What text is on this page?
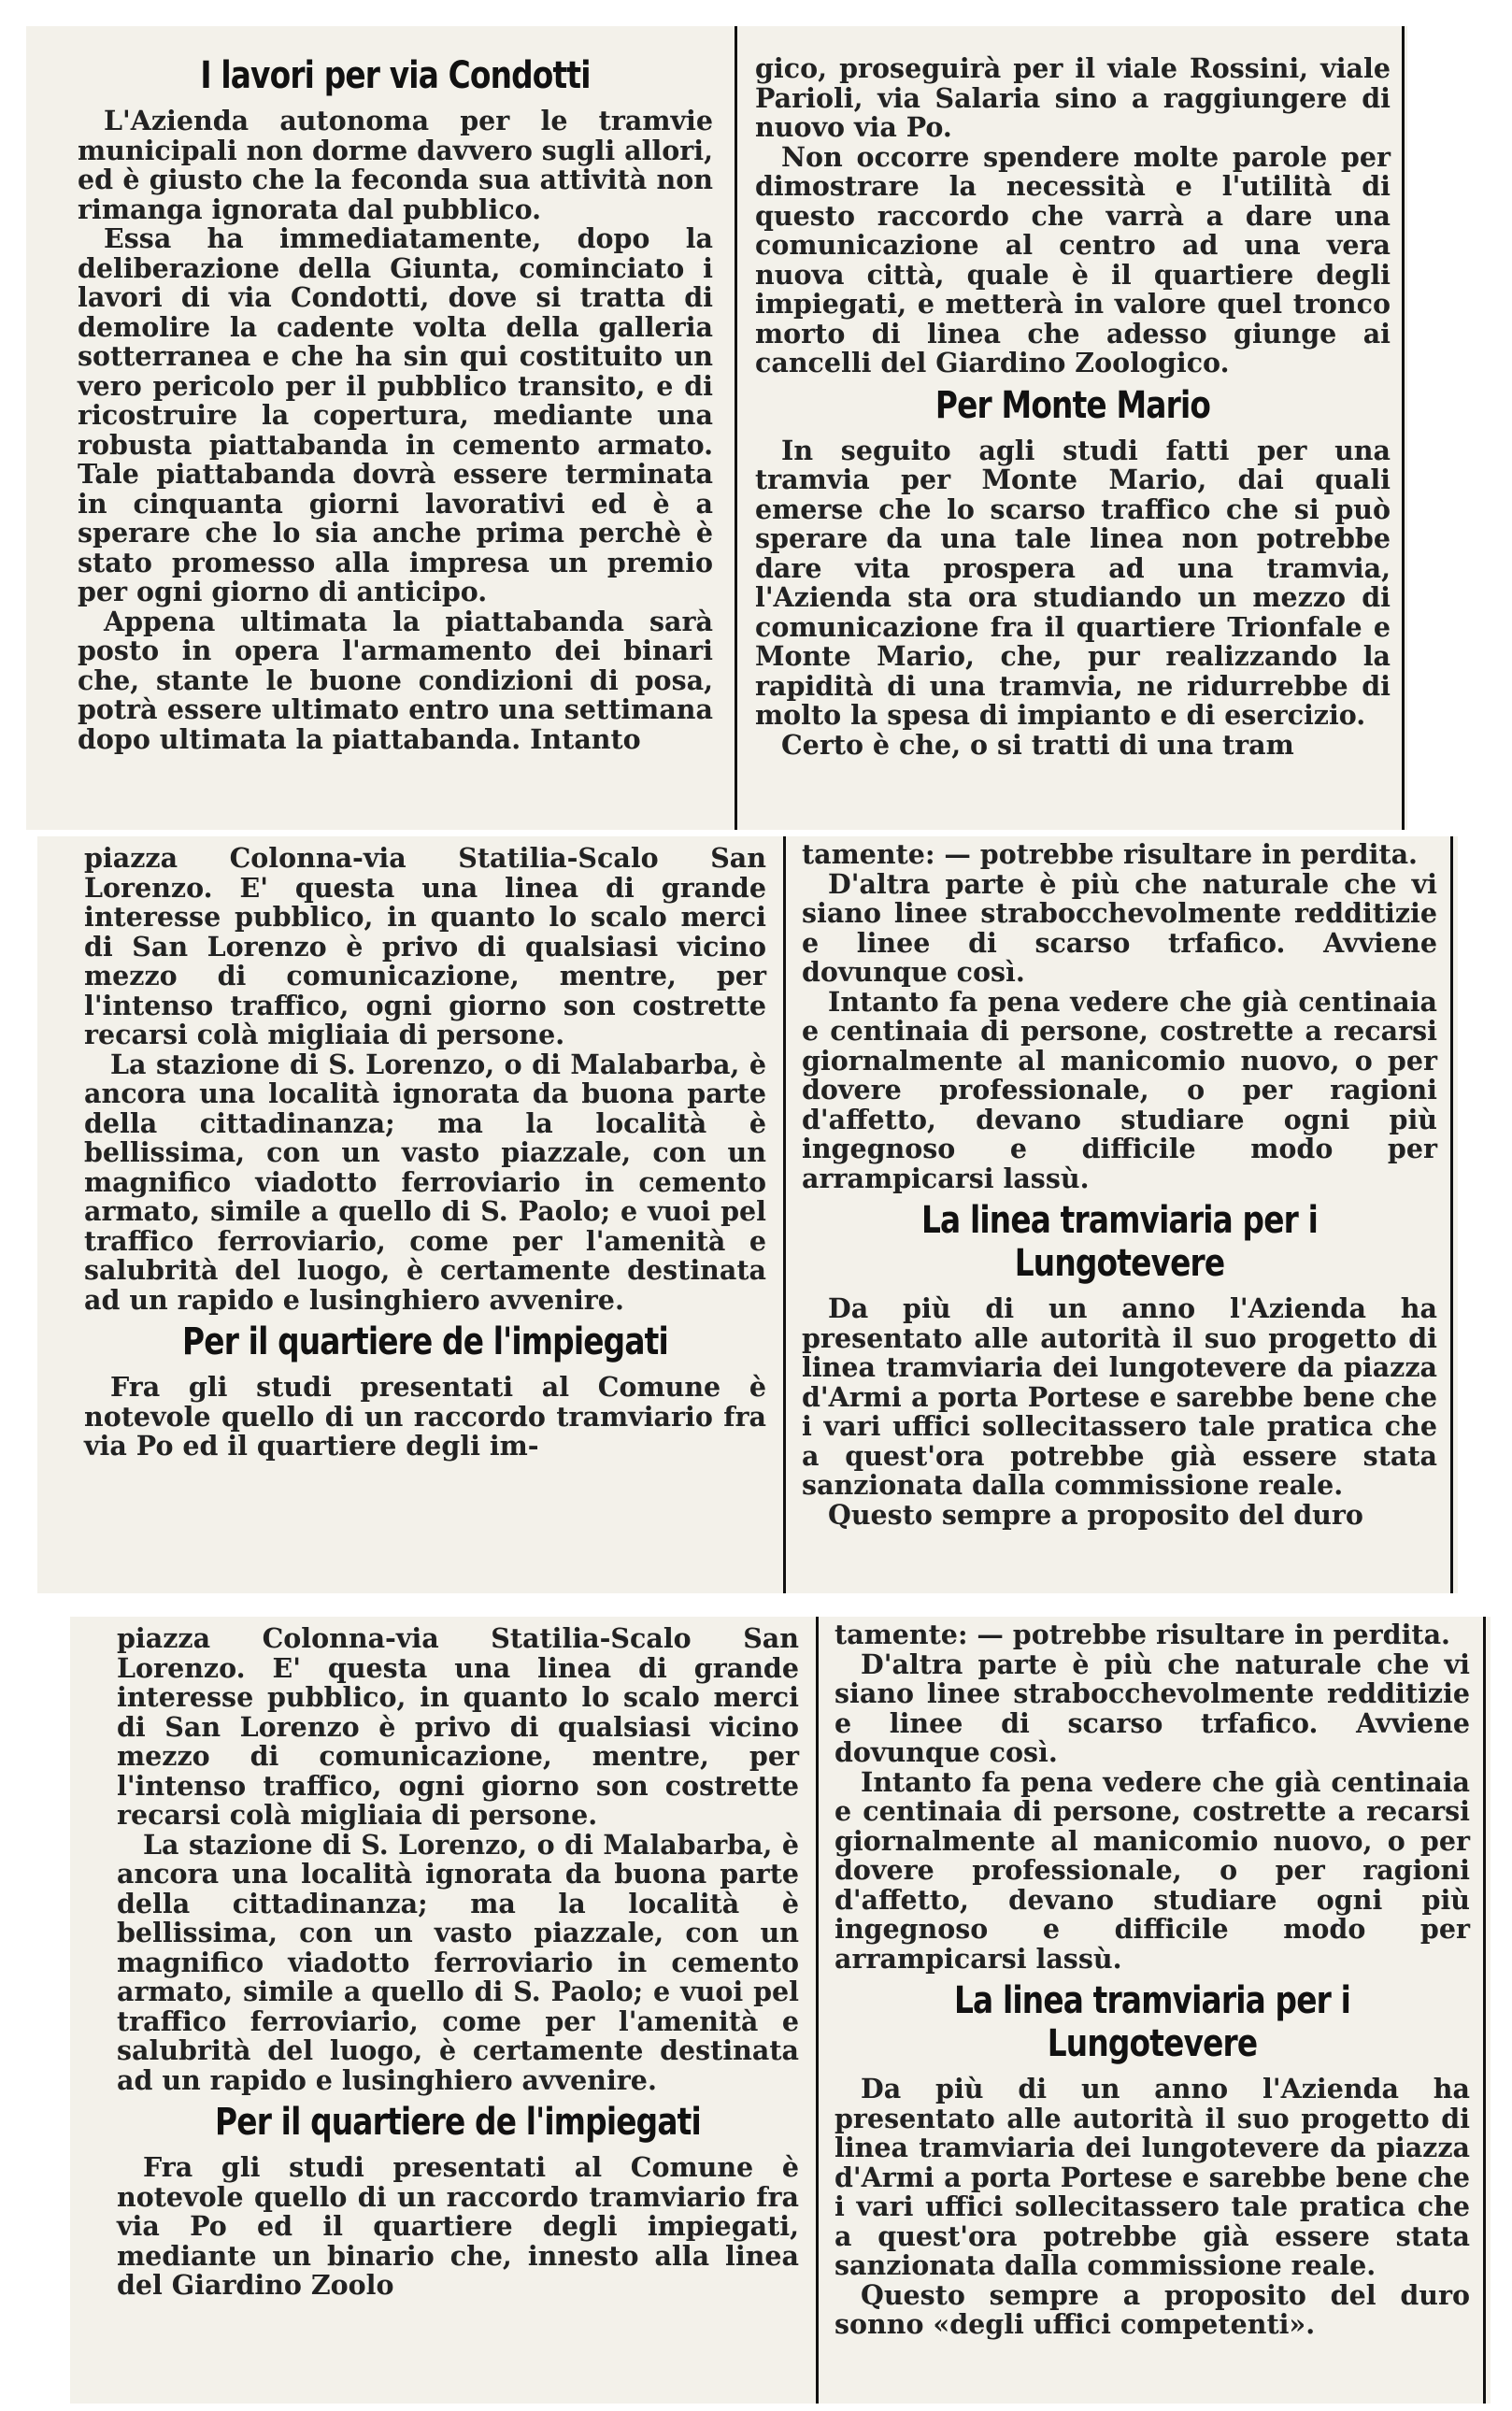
I lavori per via Condotti

L'Azienda autonoma per le tramvie municipali non dorme davvero sugli allori, ed è giusto che la feconda sua attività non rimanga ignorata dal pubblico.

Essa ha immediatamente, dopo la deliberazione della Giunta, cominciato i lavori di via Condotti, dove si tratta di demolire la cadente volta della galleria sotterranea e che ha sin qui costituito un vero pericolo per il pubblico transito, e di ricostruire la copertura, mediante una robusta piattabanda in cemento armato. Tale piattabanda dovrà essere terminata in cinquanta giorni lavorativi ed è a sperare che lo sia anche prima perchè è stato promesso alla impresa un premio per ogni giorno di anticipo.

Appena ultimata la piattabanda sarà posto in opera l'armamento dei binari che, stante le buone condizioni di posa, potrà essere ultimato entro una settimana dopo ultimata la piattabanda. Intanto

gico, proseguirà per il viale Rossini, viale Parioli, via Salaria sino a raggiungere di nuovo via Po.

Non occorre spendere molte parole per dimostrare la necessità e l'utilità di questo raccordo che varrà a dare una comunicazione al centro ad una vera nuova città, quale è il quartiere degli impiegati, e metterà in valore quel tronco morto di linea che adesso giunge ai cancelli del Giardino Zoologico.

Per Monte Mario

In seguito agli studi fatti per una tramvia per Monte Mario, dai quali emerse che lo scarso traffico che si può sperare da una tale linea non potrebbe dare vita prospera ad una tramvia, l'Azienda sta ora studiando un mezzo di comunicazione fra il quartiere Trionfale e Monte Mario, che, pur realizzando la rapidità di una tramvia, ne ridurrebbe di molto la spesa di impianto e di esercizio.

Certo è che, o si tratti di una tram

piazza Colonna-via Statilia-Scalo San Lorenzo. E' questa una linea di grande interesse pubblico, in quanto lo scalo merci di San Lorenzo è privo di qualsiasi vicino mezzo di comunicazione, mentre, per l'intenso traffico, ogni giorno son costrette recarsi colà migliaia di persone.

La stazione di S. Lorenzo, o di Malabarba, è ancora una località ignorata da buona parte della cittadinanza; ma la località è bellissima, con un vasto piazzale, con un magnifico viadotto ferroviario in cemento armato, simile a quello di S. Paolo; e vuoi pel traffico ferroviario, come per l'amenità e salubrità del luogo, è certamente destinata ad un rapido e lusinghiero avvenire.

Per il quartiere de l'impiegati

Fra gli studi presentati al Comune è notevole quello di un raccordo tramviario fra via Po ed il quartiere degli im-

tamente: — potrebbe risultare in perdita.

D'altra parte è più che naturale che vi siano linee strabocchevolmente redditizie e linee di scarso trfafico. Avviene dovunque così.

Intanto fa pena vedere che già centinaia e centinaia di persone, costrette a recarsi giornalmente al manicomio nuovo, o per dovere professionale, o per ragioni d'affetto, devano studiare ogni più ingegnoso e difficile modo per arrampicarsi lassù.

La linea tramviaria per i Lungotevere

Da più di un anno l'Azienda ha presentato alle autorità il suo progetto di linea tramviaria dei lungotevere da piazza d'Armi a porta Portese e sarebbe bene che i vari uffici sollecitassero tale pratica che a quest'ora potrebbe già essere stata sanzionata dalla commissione reale.

Questo sempre a proposito del duro

piazza Colonna-via Statilia-Scalo San Lorenzo. E' questa una linea di grande interesse pubblico, in quanto lo scalo merci di San Lorenzo è privo di qualsiasi vicino mezzo di comunicazione, mentre, per l'intenso traffico, ogni giorno son costrette recarsi colà migliaia di persone.

La stazione di S. Lorenzo, o di Malabarba, è ancora una località ignorata da buona parte della cittadinanza; ma la località è bellissima, con un vasto piazzale, con un magnifico viadotto ferroviario in cemento armato, simile a quello di S. Paolo; e vuoi pel traffico ferroviario, come per l'amenità e salubrità del luogo, è certamente destinata ad un rapido e lusinghiero avvenire.

Per il quartiere de l'impiegati

Fra gli studi presentati al Comune è notevole quello di un raccordo tramviario fra via Po ed il quartiere degli impiegati, mediante un binario che, innesto alla linea del Giardino Zoolo

tamente: — potrebbe risultare in perdita.

D'altra parte è più che naturale che vi siano linee strabocchevolmente redditizie e linee di scarso trfafico. Avviene dovunque così.

Intanto fa pena vedere che già centinaia e centinaia di persone, costrette a recarsi giornalmente al manicomio nuovo, o per dovere professionale, o per ragioni d'affetto, devano studiare ogni più ingegnoso e difficile modo per arrampicarsi lassù.

La linea tramviaria per i Lungotevere

Da più di un anno l'Azienda ha presentato alle autorità il suo progetto di linea tramviaria dei lungotevere da piazza d'Armi a porta Portese e sarebbe bene che i vari uffici sollecitassero tale pratica che a quest'ora potrebbe già essere stata sanzionata dalla commissione reale.

Questo sempre a proposito del duro sonno «degli uffici competenti».
